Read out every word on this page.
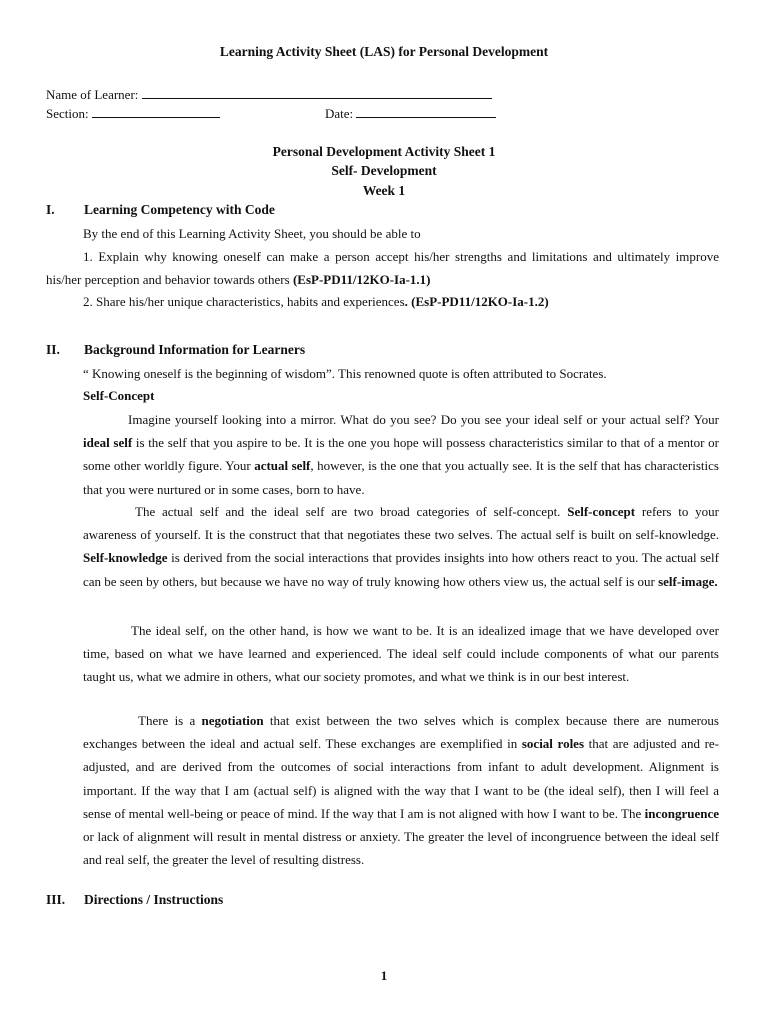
Learning Activity Sheet (LAS) for Personal Development
Name of Learner:
Section:	Date:
Personal Development Activity Sheet 1
Self- Development
Week 1
I. Learning Competency with Code
By the end of this Learning Activity Sheet, you should be able to
1. Explain why knowing oneself can make a person accept his/her strengths and limitations and ultimately improve his/her perception and behavior towards others (EsP-PD11/12KO-Ia-1.1)
2. Share his/her unique characteristics, habits and experiences. (EsP-PD11/12KO-Ia-1.2)
II. Background Information for Learners
“ Knowing oneself is the beginning of wisdom”. This renowned quote is often attributed to Socrates.
Self-Concept
Imagine yourself looking into a mirror. What do you see? Do you see your ideal self or your actual self? Your ideal self is the self that you aspire to be. It is the one you hope will possess characteristics similar to that of a mentor or some other worldly figure. Your actual self, however, is the one that you actually see. It is the self that has characteristics that you were nurtured or in some cases, born to have.
The actual self and the ideal self are two broad categories of self-concept. Self-concept refers to your awareness of yourself. It is the construct that that negotiates these two selves. The actual self is built on self-knowledge. Self-knowledge is derived from the social interactions that provides insights into how others react to you. The actual self can be seen by others, but because we have no way of truly knowing how others view us, the actual self is our self-image.
The ideal self, on the other hand, is how we want to be. It is an idealized image that we have developed over time, based on what we have learned and experienced. The ideal self could include components of what our parents taught us, what we admire in others, what our society promotes, and what we think is in our best interest.
There is a negotiation that exist between the two selves which is complex because there are numerous exchanges between the ideal and actual self. These exchanges are exemplified in social roles that are adjusted and re-adjusted, and are derived from the outcomes of social interactions from infant to adult development. Alignment is important. If the way that I am (actual self) is aligned with the way that I want to be (the ideal self), then I will feel a sense of mental well-being or peace of mind. If the way that I am is not aligned with how I want to be. The incongruence or lack of alignment will result in mental distress or anxiety. The greater the level of incongruence between the ideal self and real self, the greater the level of resulting distress.
III. Directions / Instructions
1
